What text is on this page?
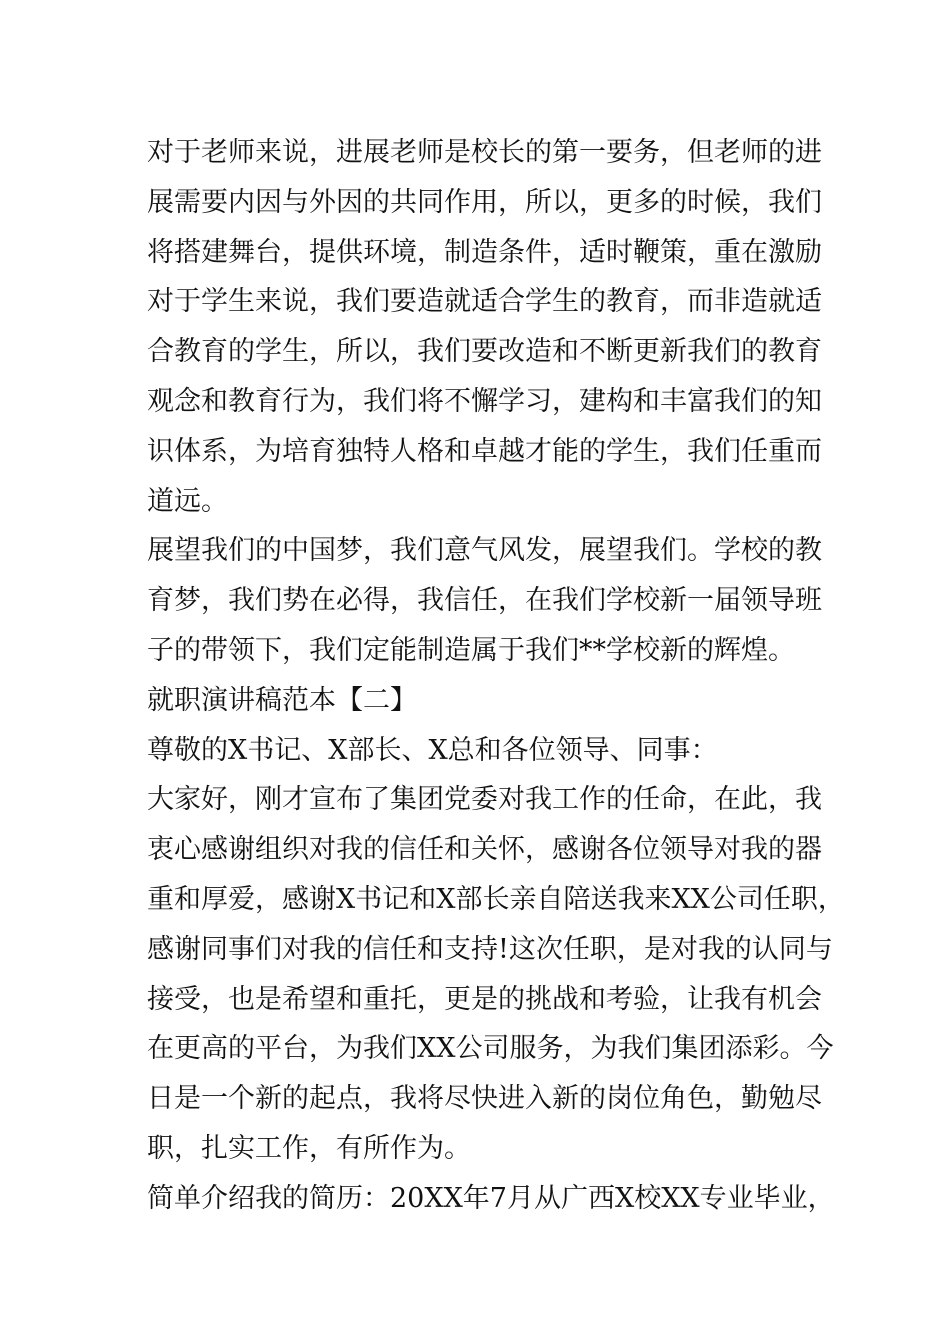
对于老师来说，进展老师是校长的第一要务，但老师的进
展需要内因与外因的共同作用，所以，更多的时候，我们
将搭建舞台，提供环境，制造条件，适时鞭策，重在激励
对于学生来说，我们要造就适合学生的教育，而非造就适
合教育的学生，所以，我们要改造和不断更新我们的教育
观念和教育行为，我们将不懈学习，建构和丰富我们的知
识体系，为培育独特人格和卓越才能的学生，我们任重而
道远。
展望我们的中国梦，我们意气风发，展望我们。学校的教
育梦，我们势在必得，我信任，在我们学校新一届领导班
子的带领下，我们定能制造属于我们**学校新的辉煌。
就职演讲稿范本【二】
尊敬的X书记、X部长、X总和各位领导、同事：
大家好，刚才宣布了集团党委对我工作的任命，在此，我
衷心感谢组织对我的信任和关怀，感谢各位领导对我的器
重和厚爱，感谢X书记和X部长亲自陪送我来XX公司任职，
感谢同事们对我的信任和支持!这次任职，是对我的认同与
接受，也是希望和重托，更是的挑战和考验，让我有机会
在更高的平台，为我们XX公司服务，为我们集团添彩。今
日是一个新的起点，我将尽快进入新的岗位角色，勤勉尽
职，扎实工作，有所作为。
简单介绍我的简历：20XX年7月从广西X校XX专业毕业，
